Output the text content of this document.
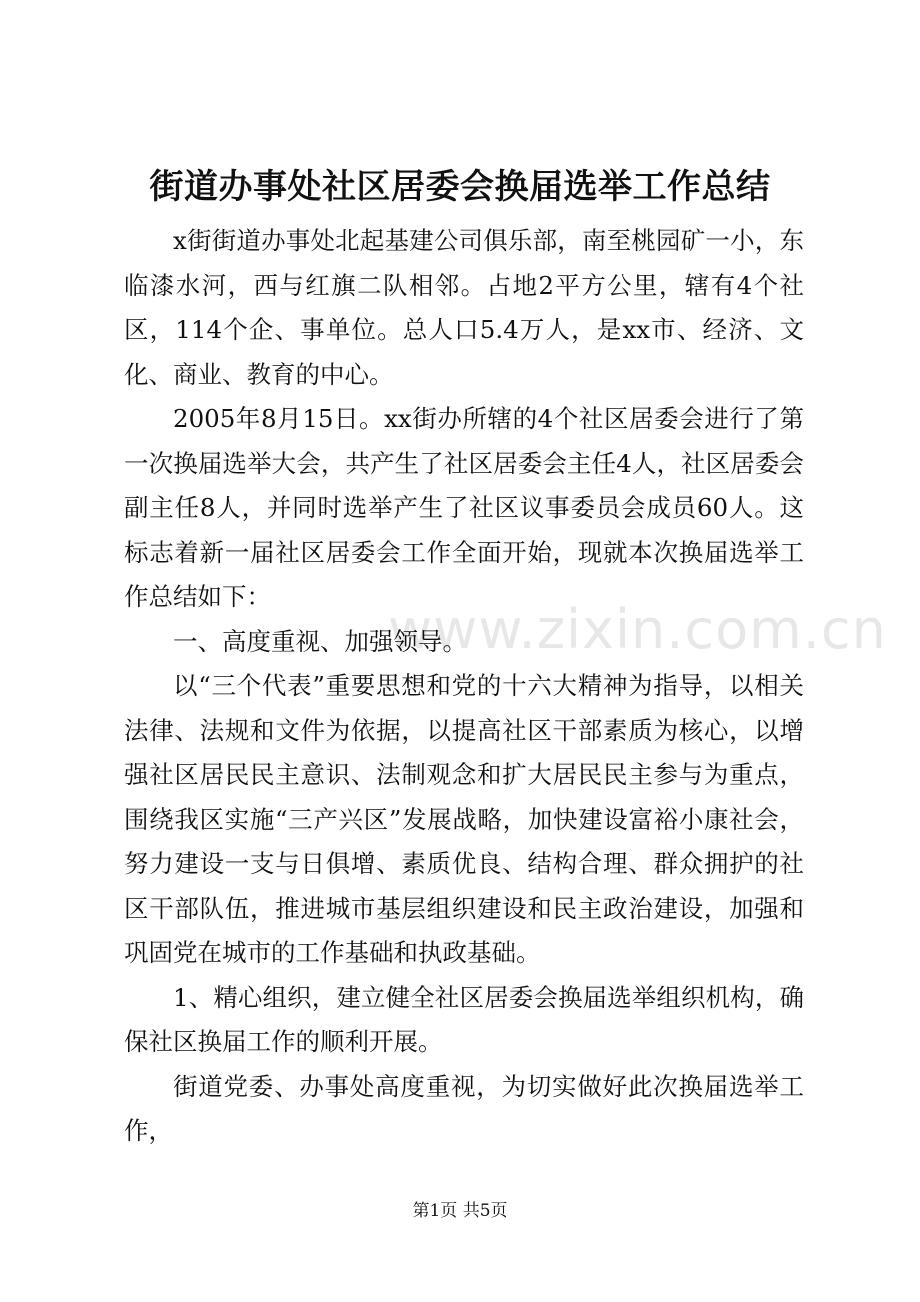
街道办事处社区居委会换届选举工作总结

x街街道办事处北起基建公司俱乐部，南至桃园矿一小，东临漆水河，西与红旗二队相邻。占地2平方公里，辖有4个社区，114个企、事单位。总人口5.4万人，是xx市、经济、文化、商业、教育的中心。

2005年8月15日。xx街办所辖的4个社区居委会进行了第一次换届选举大会，共产生了社区居委会主任4人，社区居委会副主任8人，并同时选举产生了社区议事委员会成员60人。这标志着新一届社区居委会工作全面开始，现就本次换届选举工作总结如下：

一、高度重视、加强领导。

以“三个代表”重要思想和党的十六大精神为指导，以相关法律、法规和文件为依据，以提高社区干部素质为核心，以增强社区居民民主意识、法制观念和扩大居民民主参与为重点，围绕我区实施“三产兴区”发展战略，加快建设富裕小康社会，努力建设一支与日俱增、素质优良、结构合理、群众拥护的社区干部队伍，推进城市基层组织建设和民主政治建设，加强和巩固党在城市的工作基础和执政基础。

1、精心组织，建立健全社区居委会换届选举组织机构，确保社区换届工作的顺利开展。

街道党委、办事处高度重视，为切实做好此次换届选举工作，

www.zixin.com.cn
第1页 共5页
